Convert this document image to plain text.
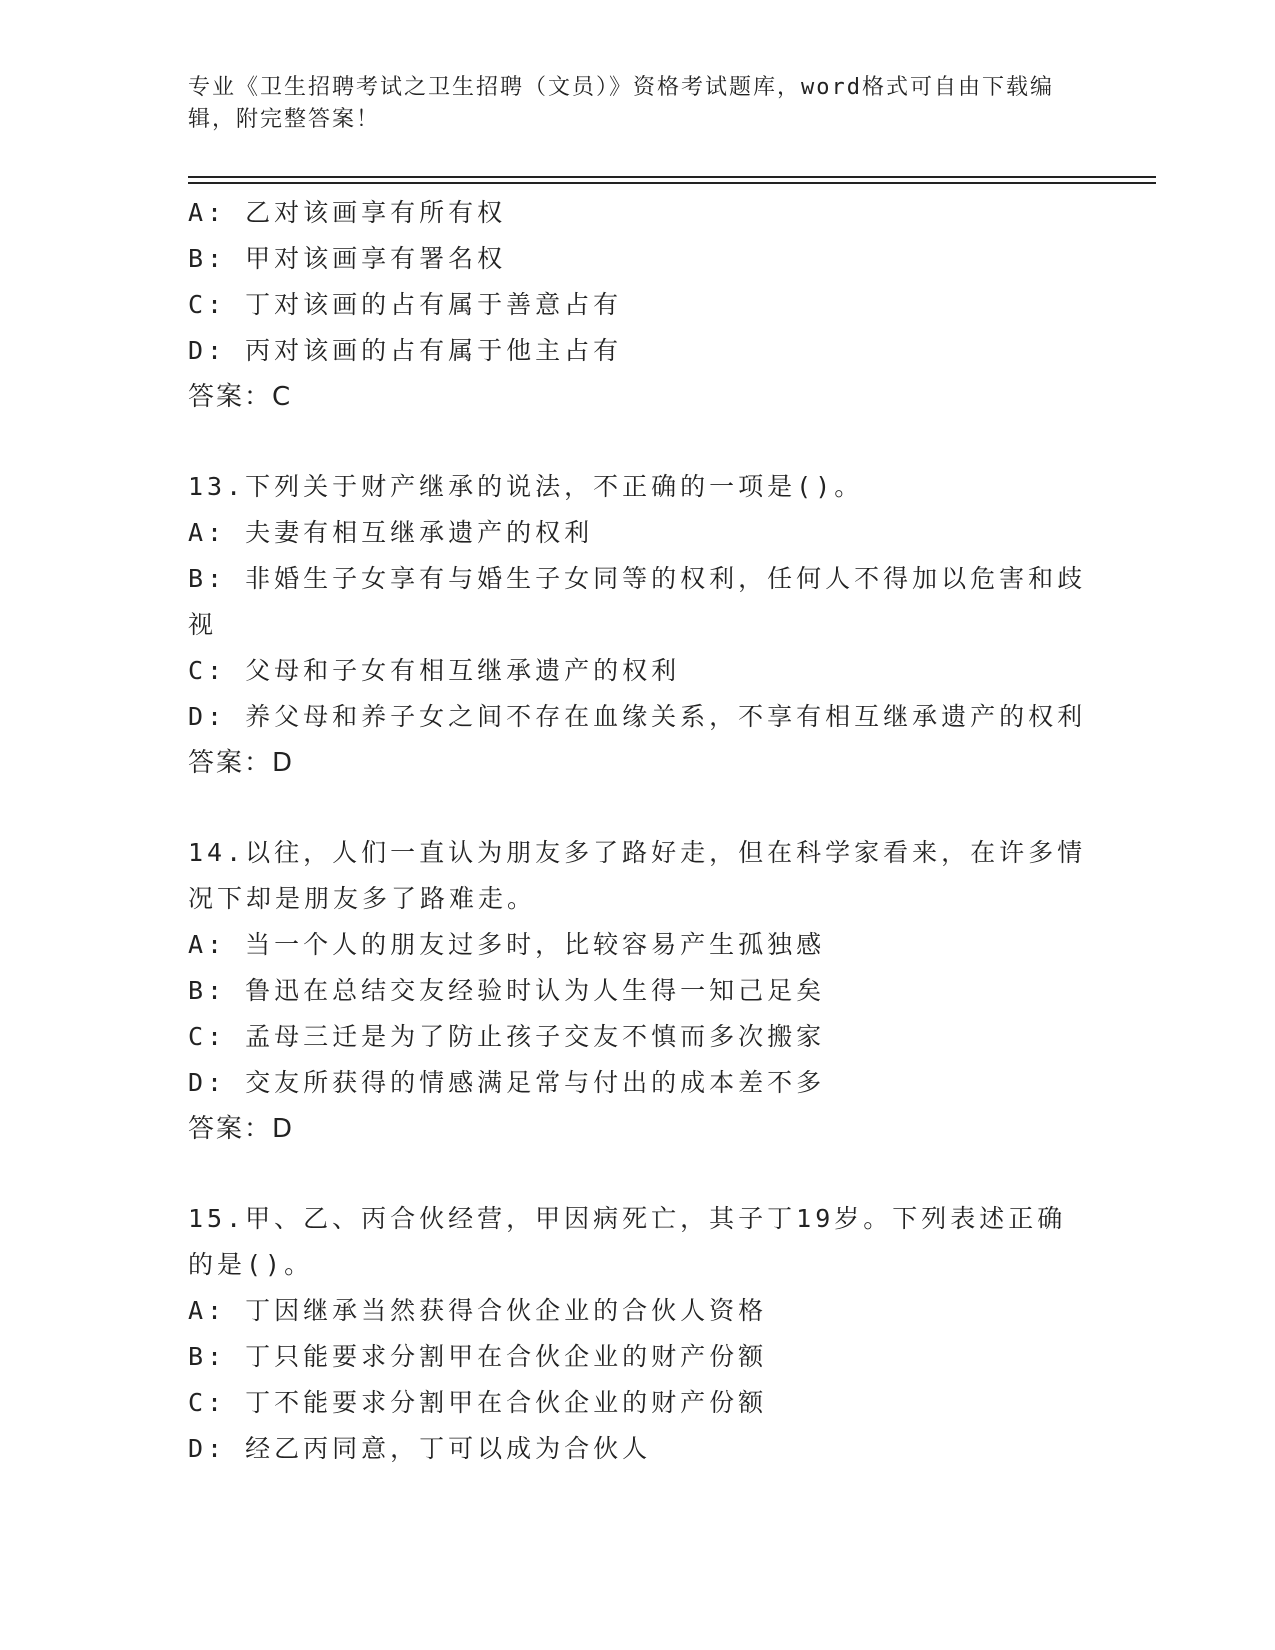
专业《卫生招聘考试之卫生招聘（文员）》资格考试题库，word格式可自由下载编辑，附完整答案！
A: 乙对该画享有所有权
B: 甲对该画享有署名权
C: 丁对该画的占有属于善意占有
D: 丙对该画的占有属于他主占有
答案：C
13.下列关于财产继承的说法，不正确的一项是()。
A: 夫妻有相互继承遗产的权利
B: 非婚生子女享有与婚生子女同等的权利，任何人不得加以危害和歧视
C: 父母和子女有相互继承遗产的权利
D: 养父母和养子女之间不存在血缘关系，不享有相互继承遗产的权利
答案：D
14.以往，人们一直认为朋友多了路好走，但在科学家看来，在许多情况下却是朋友多了路难走。
A: 当一个人的朋友过多时，比较容易产生孤独感
B: 鲁迅在总结交友经验时认为人生得一知己足矣
C: 孟母三迁是为了防止孩子交友不慎而多次搬家
D: 交友所获得的情感满足常与付出的成本差不多
答案：D
15.甲、乙、丙合伙经营，甲因病死亡，其子丁19岁。下列表述正确的是()。
A: 丁因继承当然获得合伙企业的合伙人资格
B: 丁只能要求分割甲在合伙企业的财产份额
C: 丁不能要求分割甲在合伙企业的财产份额
D: 经乙丙同意，丁可以成为合伙人
